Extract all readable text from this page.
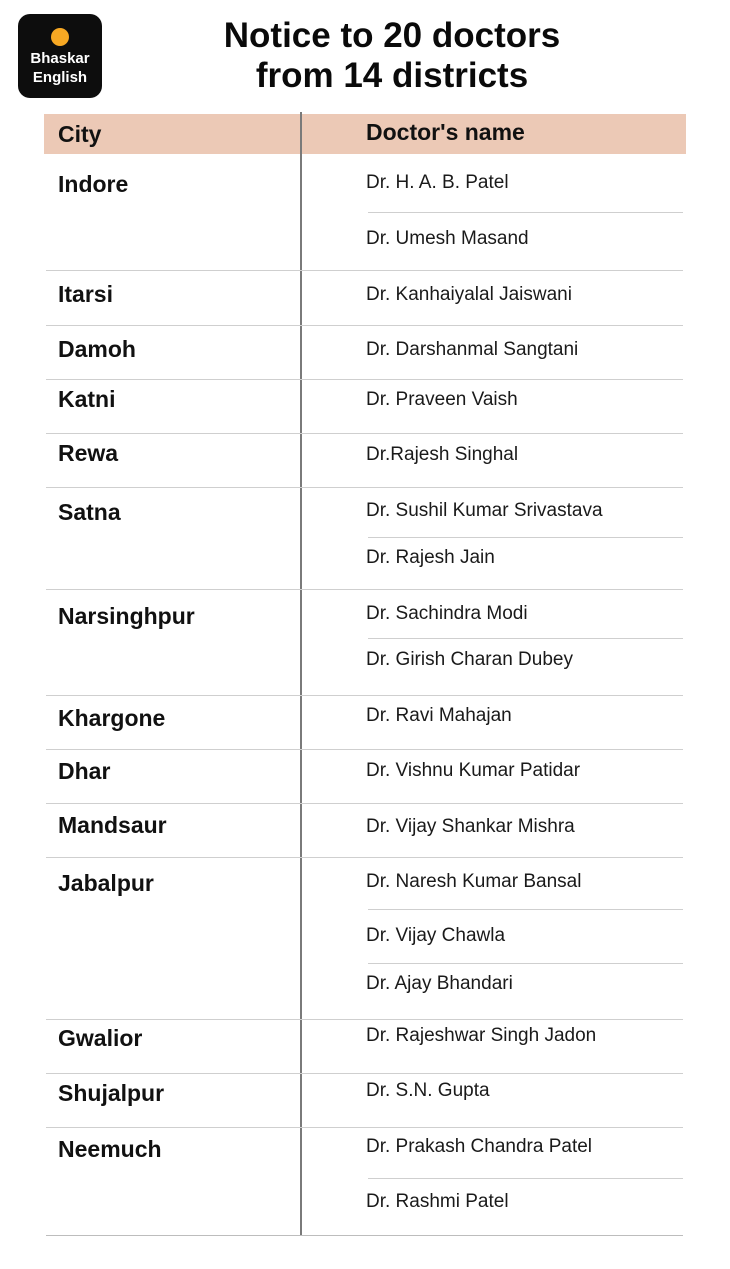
Bhaskar
English
Notice to 20 doctors
from 14 districts
City	Doctor's name
Indore	Dr. H. A. B. Patel
Dr. Umesh Masand
Itarsi	Dr. Kanhaiyalal Jaiswani
Damoh	Dr. Darshanmal Sangtani
Katni	Dr. Praveen Vaish
Rewa	Dr.Rajesh Singhal
Satna	Dr. Sushil Kumar Srivastava
Dr. Rajesh Jain
Narsinghpur	Dr. Sachindra Modi
Dr. Girish Charan Dubey
Khargone	Dr. Ravi Mahajan
Dhar	Dr. Vishnu Kumar Patidar
Mandsaur	Dr. Vijay Shankar Mishra
Jabalpur	Dr. Naresh Kumar Bansal
Dr. Vijay Chawla
Dr. Ajay Bhandari
Gwalior	Dr. Rajeshwar Singh Jadon
Shujalpur	Dr. S.N. Gupta
Neemuch	Dr. Prakash Chandra Patel
Dr. Rashmi Patel
